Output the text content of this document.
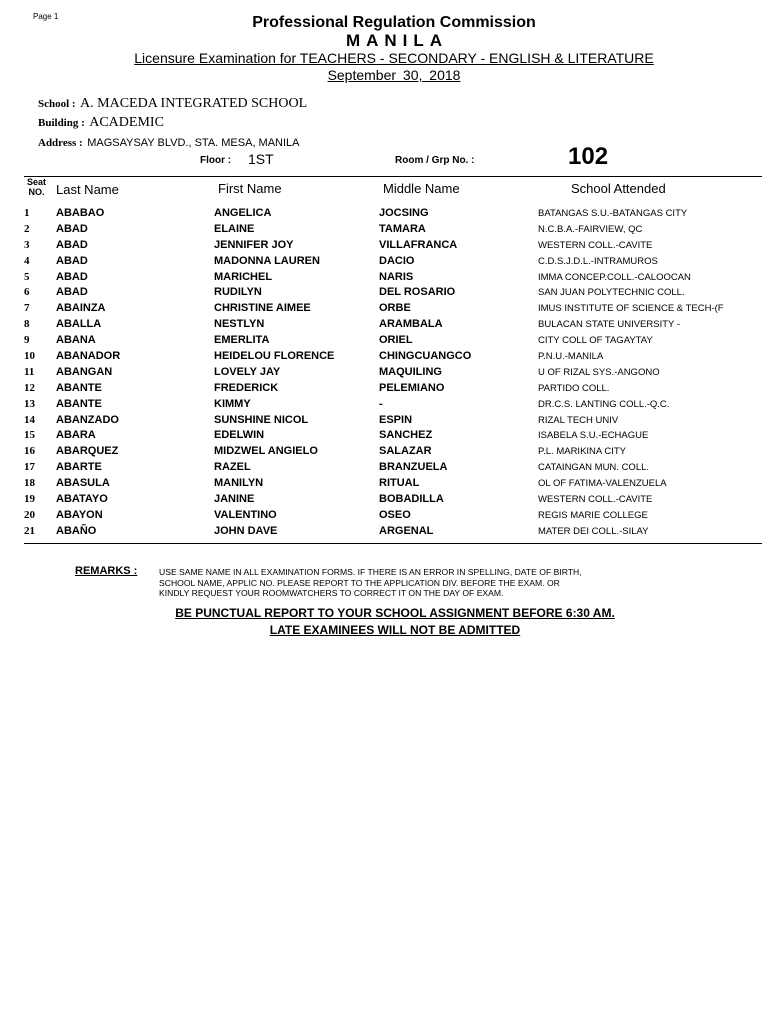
Page 1	Professional Regulation Commission
MANILA
Licensure Examination for TEACHERS - SECONDARY - ENGLISH & LITERATURE
September 30, 2018
School : A. MACEDA INTEGRATED SCHOOL
Building : ACADEMIC
Address : MAGSAYSAY BLVD., STA. MESA, MANILA
Floor : 1ST	Room / Grp No. :	102
Seat
NO. Last Name	First Name	Middle Name	School Attended
1 ABABAO	ANGELICA	JOCSING	BATANGAS S.U.-BATANGAS CITY
2 ABAD	ELAINE	TAMARA	N.C.B.A.-FAIRVIEW, QC
3 ABAD	JENNIFER JOY	VILLAFRANCA	WESTERN COLL.-CAVITE
4 ABAD	MADONNA LAUREN	DACIO	C.D.S.J.D.L.-INTRAMUROS
5 ABAD	MARICHEL	NARIS	IMMA CONCEP.COLL.-CALOOCAN
6 ABAD	RUDILYN	DEL ROSARIO	SAN JUAN POLYTECHNIC COLL.
7 ABAINZA	CHRISTINE AIMEE	ORBE	IMUS INSTITUTE OF SCIENCE & TECH-(F
8 ABALLA	NESTLYN	ARAMBALA	BULACAN STATE UNIVERSITY -
9 ABANA	EMERLITA	ORIEL	CITY COLL OF TAGAYTAY
10 ABANADOR	HEIDELOU FLORENCE	CHINGCUANGCO	P.N.U.-MANILA
11 ABANGAN	LOVELY JAY	MAQUILING	U OF RIZAL SYS.-ANGONO
12 ABANTE	FREDERICK	PELEMIANO	PARTIDO COLL.
13 ABANTE	KIMMY	-	DR.C.S. LANTING COLL.-Q.C.
14 ABANZADO	SUNSHINE NICOL	ESPIN	RIZAL TECH UNIV
15 ABARA	EDELWIN	SANCHEZ	ISABELA S.U.-ECHAGUE
16 ABARQUEZ	MIDZWEL ANGIELO	SALAZAR	P.L. MARIKINA CITY
17 ABARTE	RAZEL	BRANZUELA	CATAINGAN MUN. COLL.
18 ABASULA	MANILYN	RITUAL	OL OF FATIMA-VALENZUELA
19 ABATAYO	JANINE	BOBADILLA	WESTERN COLL.-CAVITE
20 ABAYON	VALENTINO	OSEO	REGIS MARIE COLLEGE
21 ABAÑO	JOHN DAVE	ARGENAL	MATER DEI COLL.-SILAY
REMARKS :	USE SAME NAME IN ALL EXAMINATION FORMS. IF THERE IS AN ERROR IN SPELLING, DATE OF BIRTH,
SCHOOL NAME, APPLIC NO. PLEASE REPORT TO THE APPLICATION DIV. BEFORE THE EXAM. OR
KINDLY REQUEST YOUR ROOMWATCHERS TO CORRECT IT ON THE DAY OF EXAM.
BE PUNCTUAL REPORT TO YOUR SCHOOL ASSIGNMENT BEFORE 6:30 AM.
LATE EXAMINEES WILL NOT BE ADMITTED
